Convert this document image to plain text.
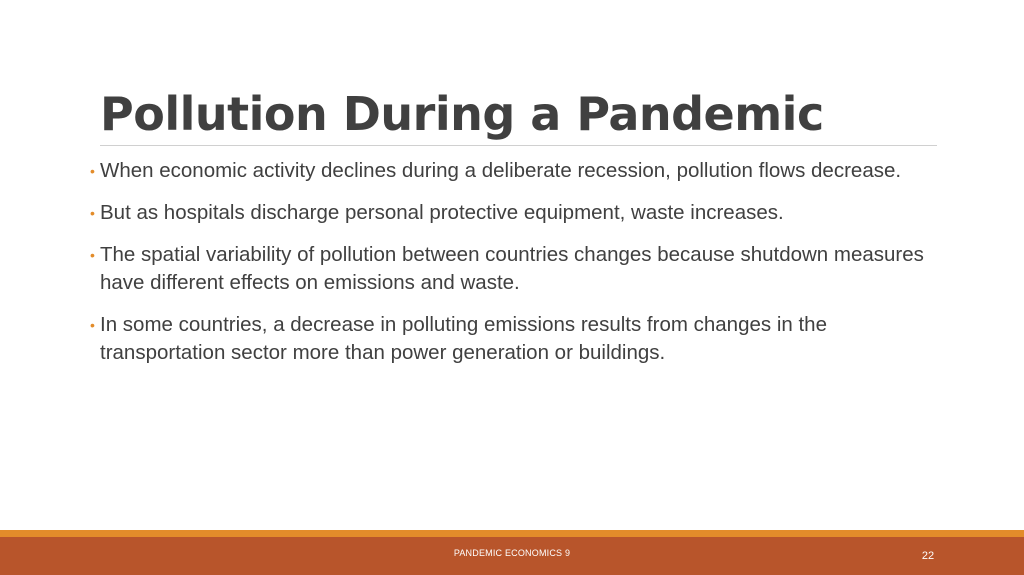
Pollution During a Pandemic
• When economic activity declines during a deliberate recession, pollution flows decrease.
• But as hospitals discharge personal protective equipment, waste increases.
• The spatial variability of pollution between countries changes because shutdown measures have different effects on emissions and waste.
• In some countries, a decrease in polluting emissions results from changes in the transportation sector more than power generation or buildings.
PANDEMIC ECONOMICS 9	22
